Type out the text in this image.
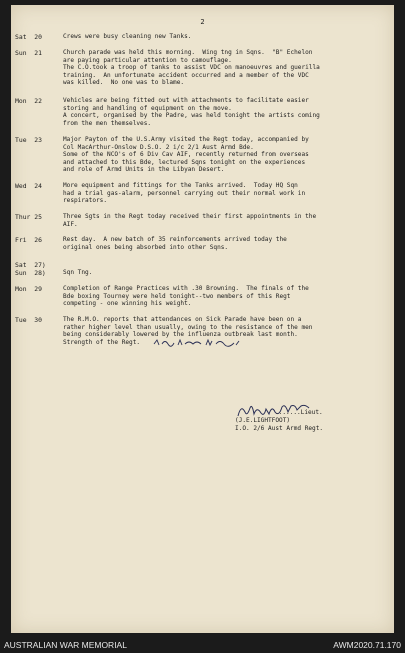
2
Sat  20	Crews were busy cleaning new Tanks.
Sun  21	Church parade was held this morning.  Wing tng in Sqns.  "B" Echelon
are paying particular attention to camouflage.
The C.O.took a troop of tanks to assist VDC on manoeuvres and guerilla
training.  An unfortunate accident occurred and a member of the VDC
was killed.  No one was to blame.
Mon  22	Vehicles are being fitted out with attachments to facilitate easier
storing and handling of equipment on the move.
A concert, organised by the Padre, was held tonight the artists coming
from the men themselves.
Tue  23	Major Payton of the U.S.Army visited the Regt today, accompanied by
Col MacArthur-Onslow D.S.O. 2 i/c 2/1 Aust Armd Bde.
Some of the NCO's of 6 Div Cav AIF, recently returned from overseas
and attached to this Bde, lectured Sqns tonight on the experiences
and role of Armd Units in the Libyan Desert.
Wed  24	More equipment and fittings for the Tanks arrived.  Today HQ Sqn
had a trial gas-alarm, personnel carrying out their normal work in
respirators.
Thur 25	Three Sgts in the Regt today received their first appointments in the
AIF.
Fri  26	Rest day.  A new batch of 35 reinforcements arrived today the
original ones being absorbed into other Sqns.
Sat  27)
Sun  28)	
Sqn Tng.
Mon  29	Completion of Range Practices with .30 Browning.  The finals of the
Bde boxing Tourney were held tonight--two members of this Regt
competing - one winning his weight.
Tue  30	The R.M.O. reports that attendances on Sick Parade have been on a
rather higher level than usually, owing to the resistance of the men
being considerably lowered by the influenza outbreak last month.
Strength of the Regt.
.......Lieut.
(J.E.LIGHTFOOT)
I.O. 2/6 Aust Armd Regt.
AUSTRALIAN WAR MEMORIAL	AWM2020.71.170
